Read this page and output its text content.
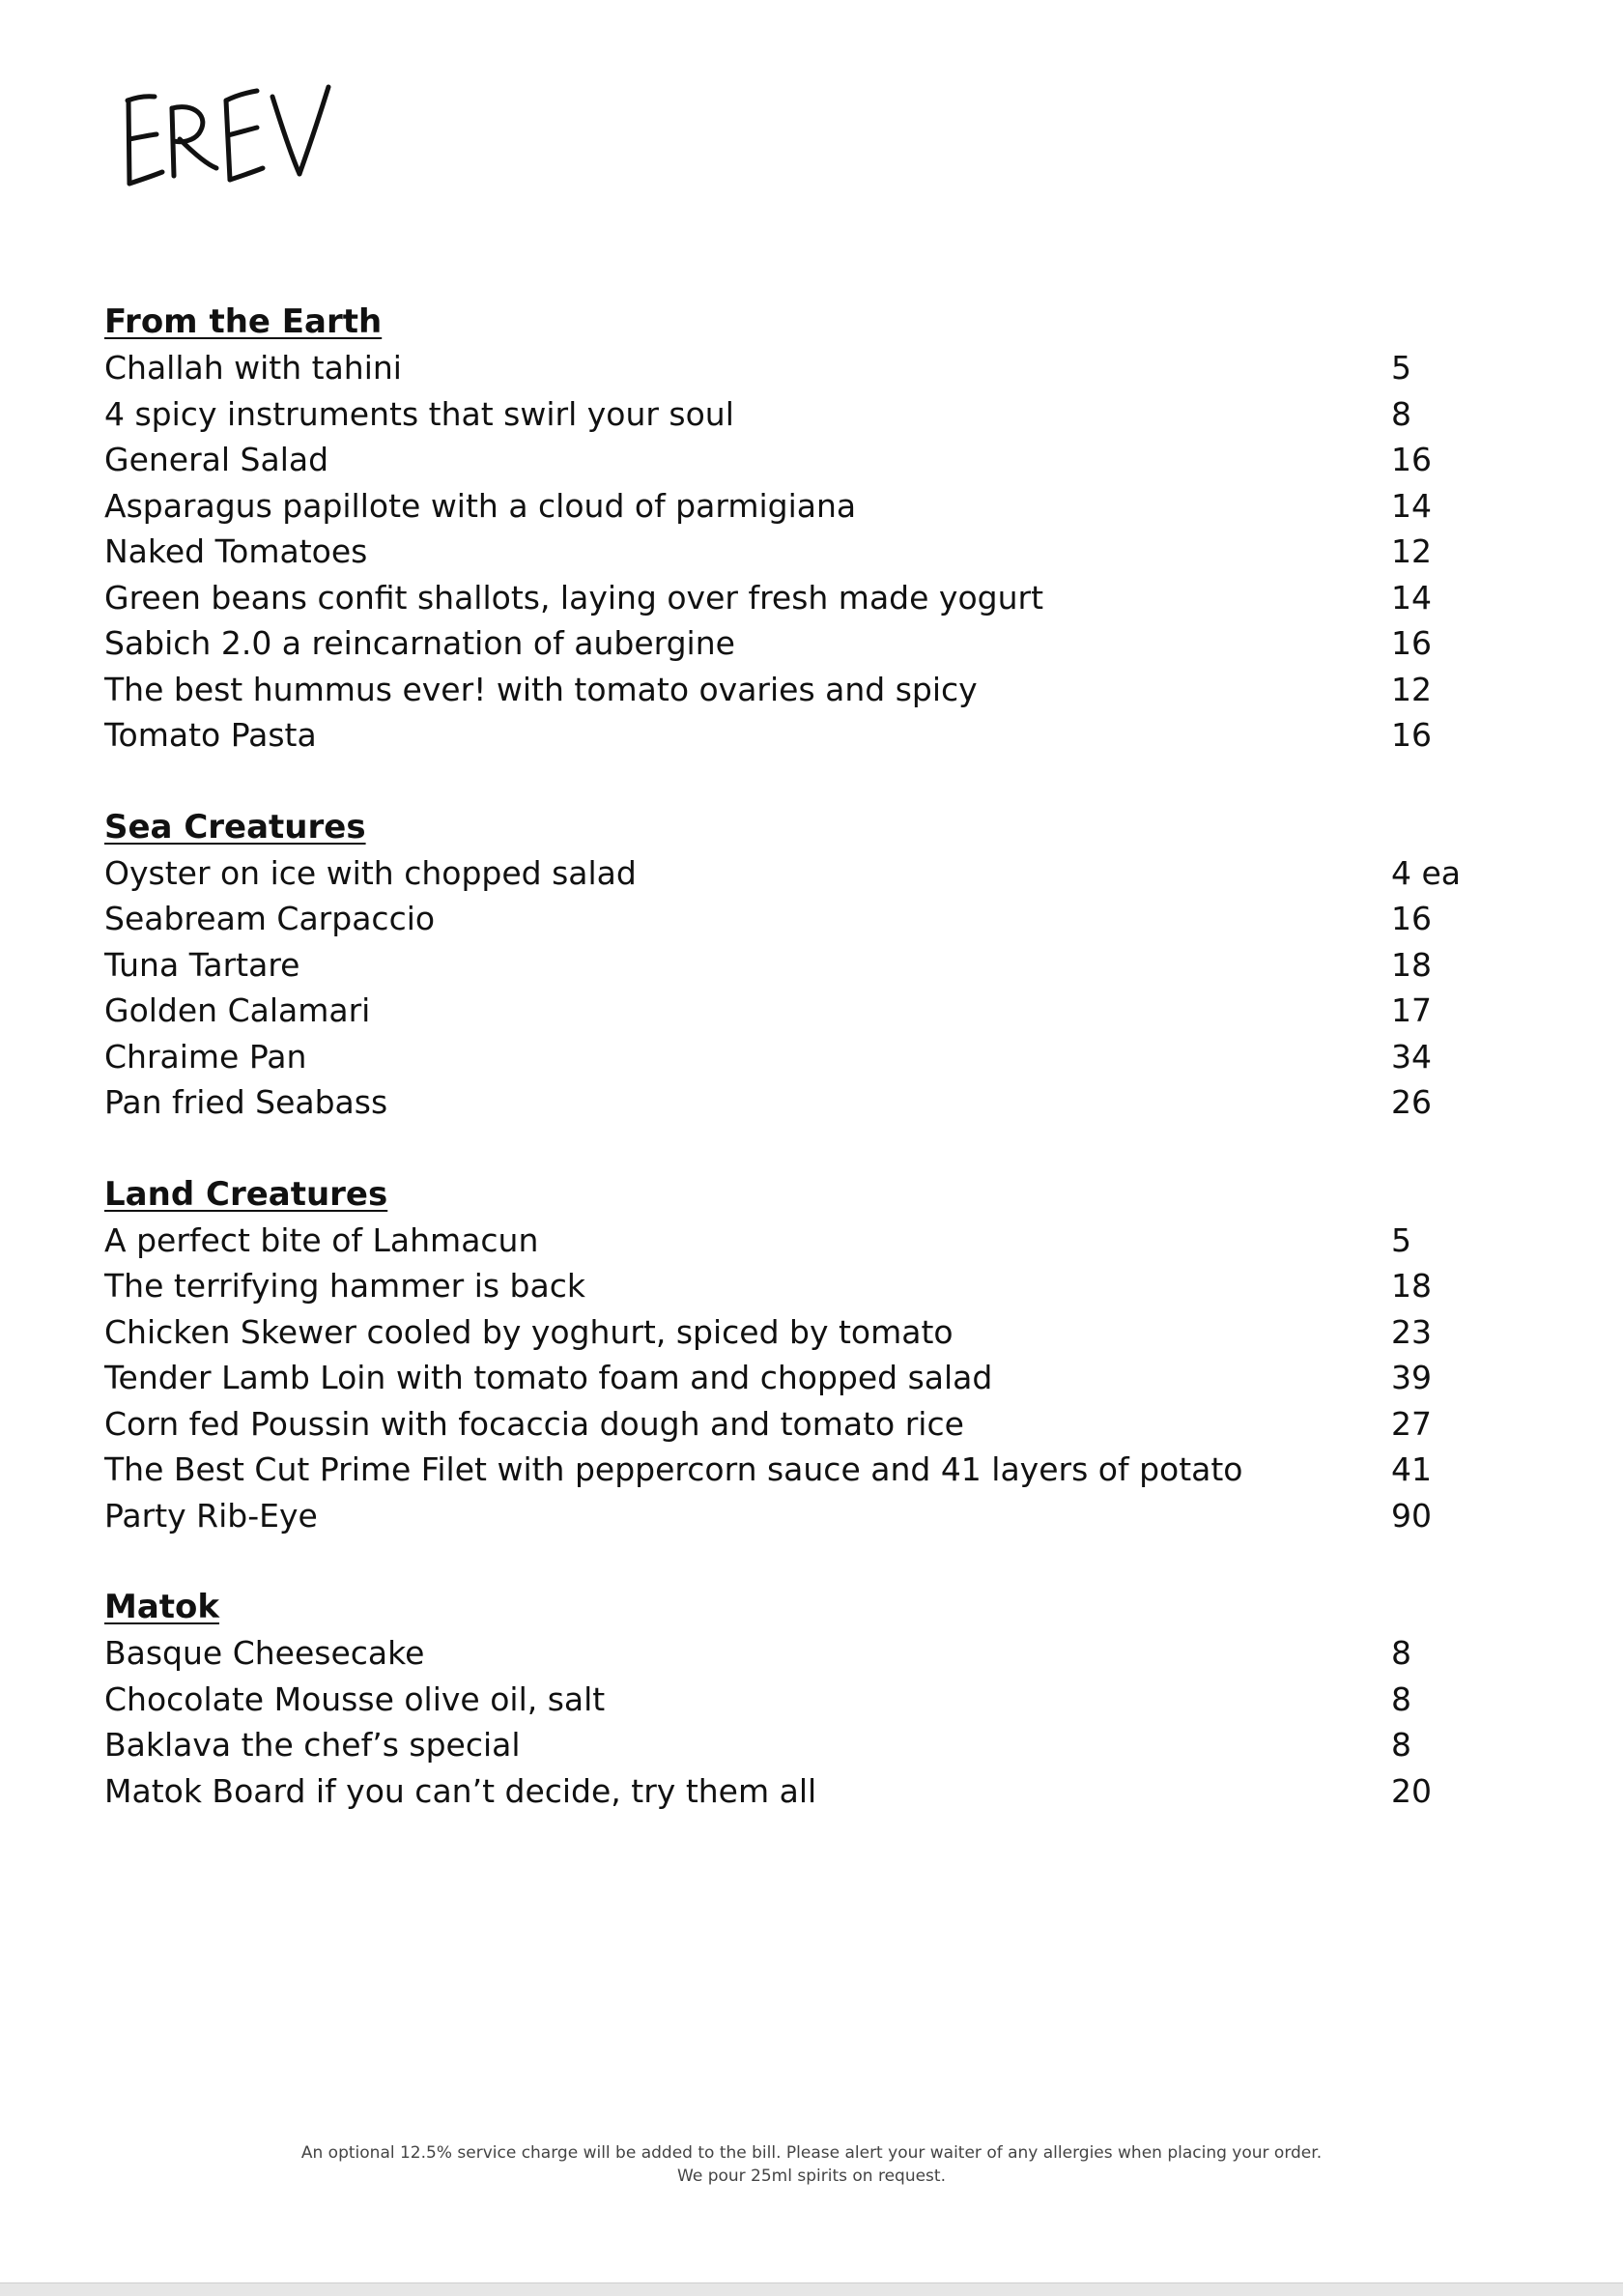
From the Earth
Challah with tahini	5
4 spicy instruments that swirl your soul	8
General Salad	16
Asparagus papillote with a cloud of parmigiana	14
Naked Tomatoes	12
Green beans confit shallots, laying over fresh made yogurt	14
Sabich 2.0 a reincarnation of aubergine	16
The best hummus ever! with tomato ovaries and spicy	12
Tomato Pasta	16
Sea Creatures
Oyster on ice with chopped salad	4 ea
Seabream Carpaccio	16
Tuna Tartare	18
Golden Calamari	17
Chraime Pan	34
Pan fried Seabass	26
Land Creatures
A perfect bite of Lahmacun	5
The terrifying hammer is back	18
Chicken Skewer cooled by yoghurt, spiced by tomato	23
Tender Lamb Loin with tomato foam and chopped salad	39
Corn fed Poussin with focaccia dough and tomato rice	27
The Best Cut Prime Filet with peppercorn sauce and 41 layers of potato	41
Party Rib-Eye	90
Matok
Basque Cheesecake	8
Chocolate Mousse olive oil, salt	8
Baklava the chef’s special	8
Matok Board if you can’t decide, try them all	20
An optional 12.5% service charge will be added to the bill. Please alert your waiter of any allergies when placing your order.
We pour 25ml spirits on request.
